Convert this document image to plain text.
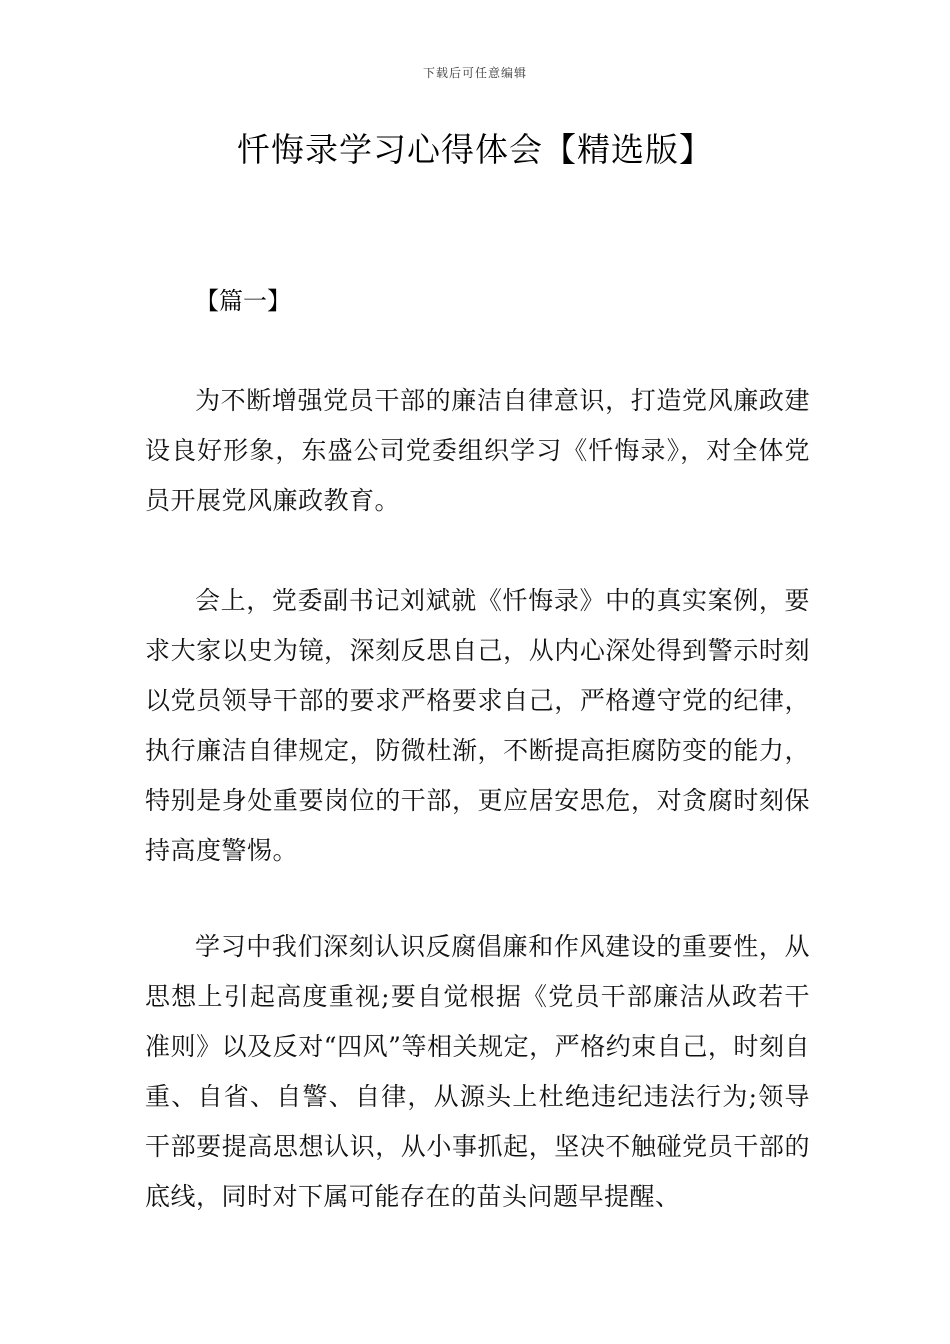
下载后可任意编辑
忏悔录学习心得体会【精选版】
【篇一】

为不断增强党员干部的廉洁自律意识，打造党风廉政建设良好形象，东盛公司党委组织学习《忏悔录》，对全体党员开展党风廉政教育。

会上，党委副书记刘斌就《忏悔录》中的真实案例，要求大家以史为镜，深刻反思自己，从内心深处得到警示时刻以党员领导干部的要求严格要求自己，严格遵守党的纪律，执行廉洁自律规定，防微杜渐，不断提高拒腐防变的能力，特别是身处重要岗位的干部，更应居安思危，对贪腐时刻保持高度警惕。

学习中我们深刻认识反腐倡廉和作风建设的重要性，从思想上引起高度重视;要自觉根据《党员干部廉洁从政若干准则》以及反对“四风”等相关规定，严格约束自己，时刻自重、自省、自警、自律，从源头上杜绝违纪违法行为;领导干部要提高思想认识，从小事抓起，坚决不触碰党员干部的底线，同时对下属可能存在的苗头问题早提醒、
